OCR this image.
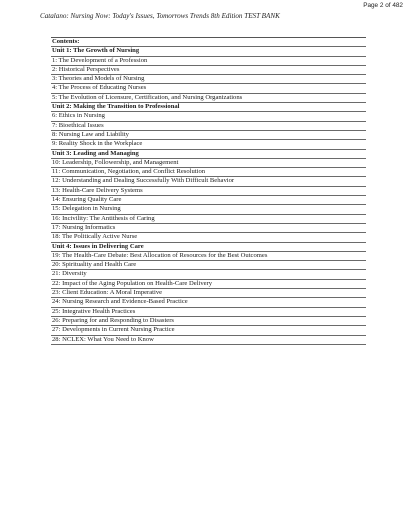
Page 2 of 482
Catalano: Nursing Now: Today's Issues, Tomorrows Trends 8th Edition TEST BANK
Contents:
Unit 1: The Growth of Nursing
1: The Development of a Profession
2: Historical Perspectives
3: Theories and Models of Nursing
4: The Process of Educating Nurses
5: The Evolution of Licensure, Certification, and Nursing Organizations
Unit 2: Making the Transition to Professional
6: Ethics in Nursing
7: Bioethical Issues
8: Nursing Law and Liability
9: Reality Shock in the Workplace
Unit 3: Leading and Managing
10: Leadership, Followership, and Management
11: Communication, Negotiation, and Conflict Resolution
12: Understanding and Dealing Successfully With Difficult Behavior
13: Health-Care Delivery Systems
14: Ensuring Quality Care
15: Delegation in Nursing
16: Incivility: The Antithesis of Caring
17: Nursing Informatics
18: The Politically Active Nurse
Unit 4: Issues in Delivering Care
19: The Health-Care Debate: Best Allocation of Resources for the Best Outcomes
20: Spirituality and Health Care
21: Diversity
22: Impact of the Aging Population on Health-Care Delivery
23: Client Education: A Moral Imperative
24: Nursing Research and Evidence-Based Practice
25: Integrative Health Practices
26: Preparing for and Responding to Disasters
27: Developments in Current Nursing Practice
28: NCLEX: What You Need to Know
